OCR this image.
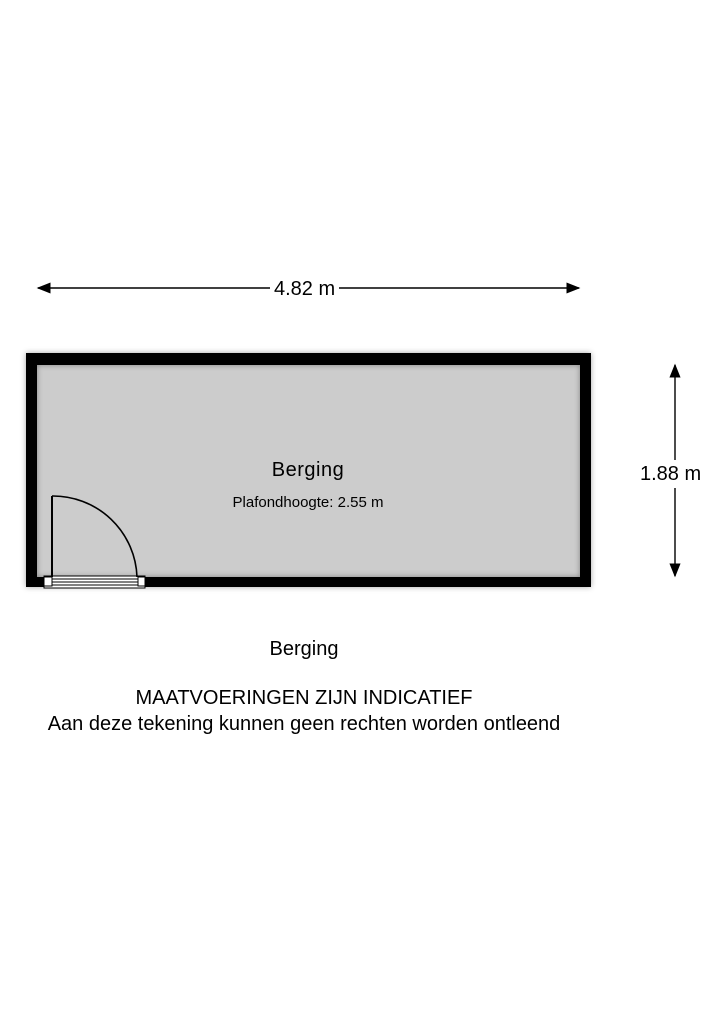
4.82 m
1.88 m
Berging
Plafondhoogte: 2.55 m
Berging
MAATVOERINGEN ZIJN INDICATIEF
Aan deze tekening kunnen geen rechten worden ontleend
